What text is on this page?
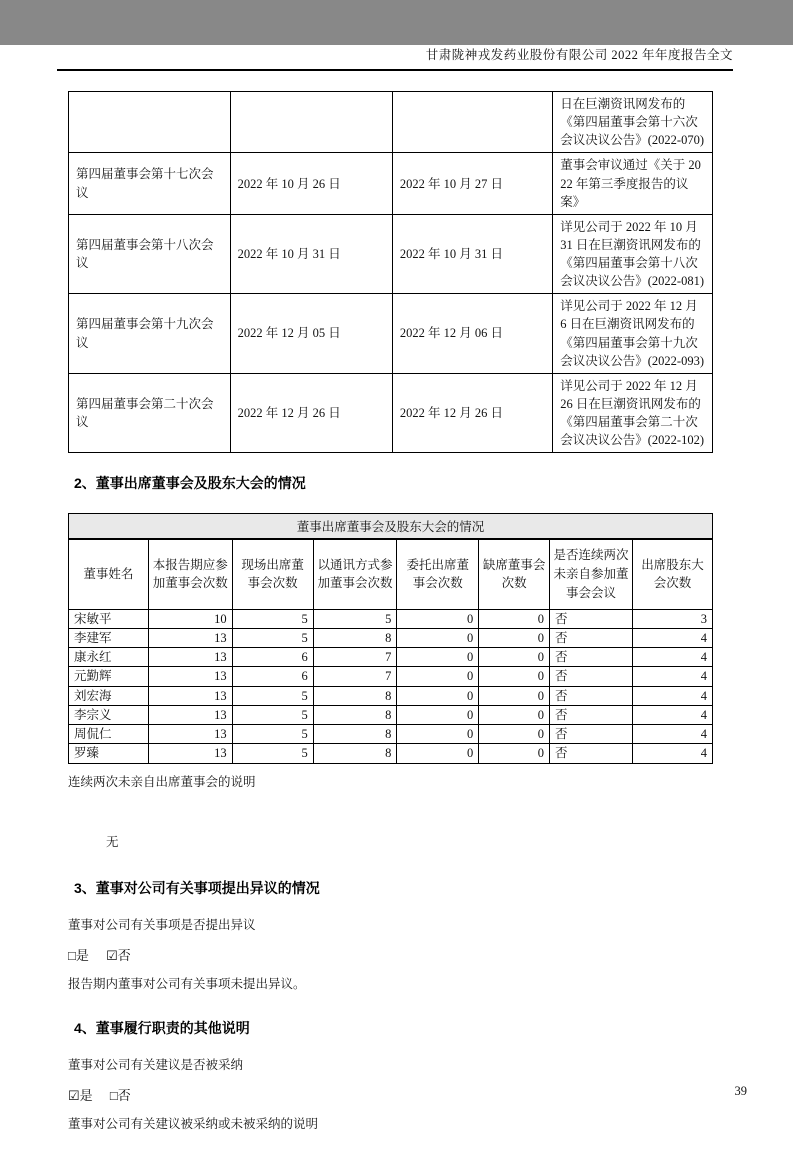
甘肃陇神戎发药业股份有限公司 2022 年年度报告全文
			日在巨潮资讯网发布的《第四届董事会第十六次会议决议公告》(2022-070)
第四届董事会第十七次会议	2022 年 10 月 26 日	2022 年 10 月 27 日	董事会审议通过《关于 2022 年第三季度报告的议案》
第四届董事会第十八次会议	2022 年 10 月 31 日	2022 年 10 月 31 日	详见公司于 2022 年 10 月 31 日在巨潮资讯网发布的《第四届董事会第十八次会议决议公告》(2022-081)
第四届董事会第十九次会议	2022 年 12 月 05 日	2022 年 12 月 06 日	详见公司于 2022 年 12 月 6 日在巨潮资讯网发布的《第四届董事会第十九次会议决议公告》(2022-093)
第四届董事会第二十次会议	2022 年 12 月 26 日	2022 年 12 月 26 日	详见公司于 2022 年 12 月 26 日在巨潮资讯网发布的《第四届董事会第二十次会议决议公告》(2022-102)
2、董事出席董事会及股东大会的情况
董事出席董事会及股东大会的情况							
董事姓名	本报告期应参加董事会次数	现场出席董事会次数	以通讯方式参加董事会次数	委托出席董事会次数	缺席董事会次数	是否连续两次未亲自参加董事会会议	出席股东大会次数
宋敏平	10	5	5	0	0	否	3
李建军	13	5	8	0	0	否	4
康永红	13	6	7	0	0	否	4
元勤辉	13	6	7	0	0	否	4
刘宏海	13	5	8	0	0	否	4
李宗义	13	5	8	0	0	否	4
周侃仁	13	5	8	0	0	否	4
罗臻	13	5	8	0	0	否	4
连续两次未亲自出席董事会的说明
无
3、董事对公司有关事项提出异议的情况
董事对公司有关事项是否提出异议
□是 ☑否
报告期内董事对公司有关事项未提出异议。
4、董事履行职责的其他说明
董事对公司有关建议是否被采纳
☑是 □否
董事对公司有关建议被采纳或未被采纳的说明
39
